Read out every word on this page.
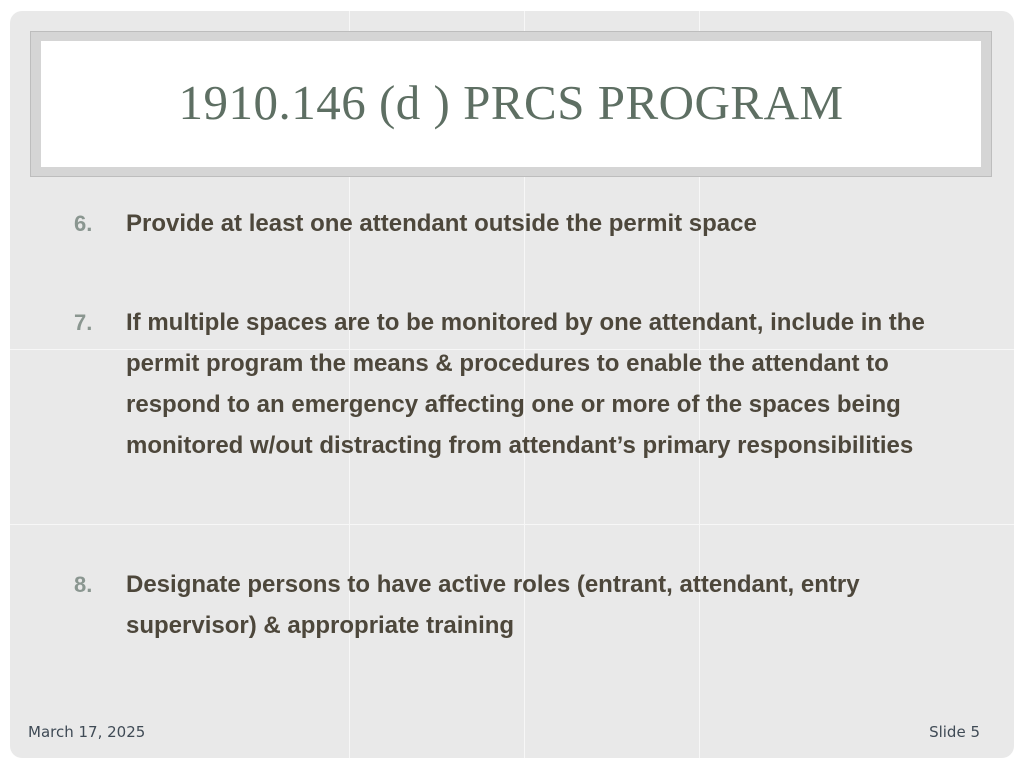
1910.146 (d ) PRCS PROGRAM
6. Provide at least one attendant outside the permit space
7. If multiple spaces are to be monitored by one attendant, include in the permit program the means & procedures to enable the attendant to respond to an emergency affecting one or more of the spaces being monitored w/out distracting from attendant’s primary responsibilities
8. Designate persons to have active roles (entrant, attendant, entry supervisor) & appropriate training
March 17, 2025	Slide 5
